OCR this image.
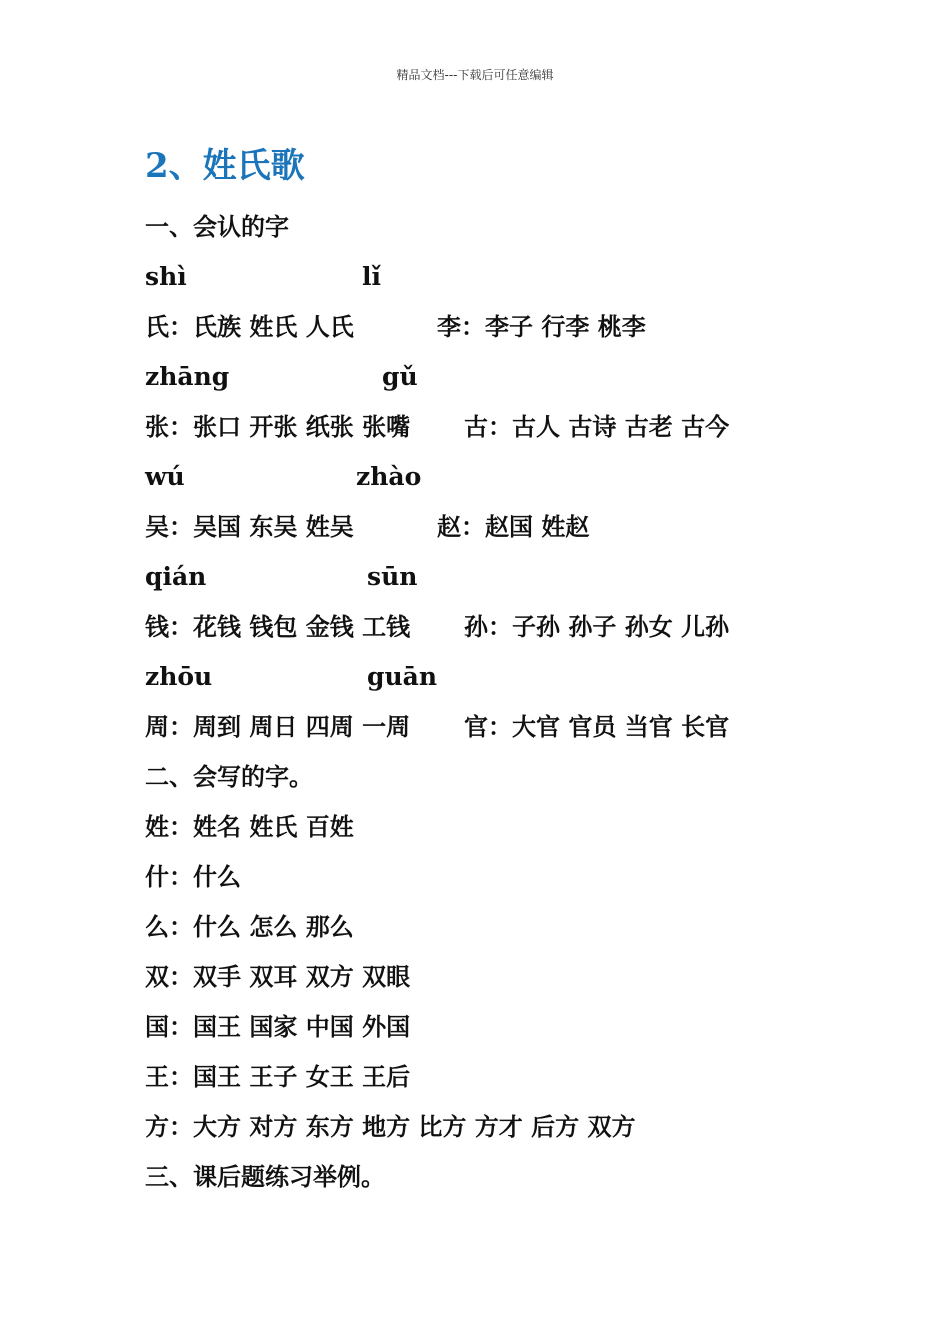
精品文档---下载后可任意编辑
2、姓氏歌
一、会认的字
shì	lǐ
氏：氏族 姓氏 人氏	李：李子 行李 桃李
zhāng	gǔ
张：张口 开张 纸张 张嘴 古：古人 古诗 古老 古今
wú	zhào
吴：吴国 东吴 姓吴	赵：赵国 姓赵
qián	sūn
钱：花钱 钱包 金钱 工钱 孙：子孙 孙子 孙女 儿孙
zhōu	guān
周：周到 周日 四周 一周 官：大官 官员 当官 长官
二、会写的字。
姓：姓名 姓氏 百姓
什：什么
么：什么 怎么 那么
双：双手 双耳 双方 双眼
国：国王 国家 中国 外国
王：国王 王子 女王 王后
方：大方 对方 东方 地方 比方 方才 后方 双方
三、课后题练习举例。
